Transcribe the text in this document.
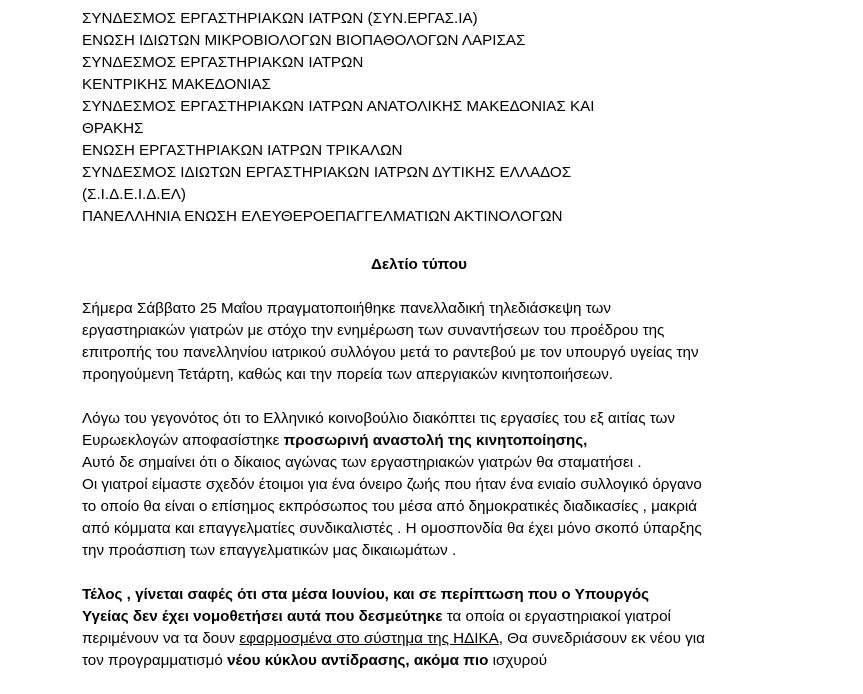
ΣΥΝΔΕΣΜΟΣ ΕΡΓΑΣΤΗΡΙΑΚΩΝ ΙΑΤΡΩΝ (ΣΥΝ.ΕΡΓΑΣ.ΙΑ)
ΕΝΩΣΗ ΙΔΙΩΤΩΝ ΜΙΚΡΟΒΙΟΛΟΓΩΝ ΒΙΟΠΑΘΟΛΟΓΩΝ ΛΑΡΙΣΑΣ
ΣΥΝΔΕΣΜΟΣ ΕΡΓΑΣΤΗΡΙΑΚΩΝ ΙΑΤΡΩΝ
ΚΕΝΤΡΙΚΗΣ ΜΑΚΕΔΟΝΙΑΣ
ΣΥΝΔΕΣΜΟΣ ΕΡΓΑΣΤΗΡΙΑΚΩΝ ΙΑΤΡΩΝ ΑΝΑΤΟΛΙΚΗΣ ΜΑΚΕΔΟΝΙΑΣ ΚΑΙ
ΘΡΑΚΗΣ
ΕΝΩΣΗ ΕΡΓΑΣΤΗΡΙΑΚΩΝ ΙΑΤΡΩΝ ΤΡΙΚΑΛΩΝ
ΣΥΝΔΕΣΜΟΣ ΙΔΙΩΤΩΝ ΕΡΓΑΣΤΗΡΙΑΚΩΝ ΙΑΤΡΩΝ ΔΥΤΙΚΗΣ ΕΛΛΑΔΟΣ
(Σ.Ι.Δ.Ε.Ι.Δ.ΕΛ)
ΠΑΝΕΛΛΗΝΙΑ ΕΝΩΣΗ ΕΛΕΥΘΕΡΟΕΠΑΓΓΕΛΜΑΤΙΩΝ ΑΚΤΙΝΟΛΟΓΩΝ
Δελτίο τύπου
Σήμερα Σάββατο 25 Μαΐου πραγματοποιήθηκε πανελλαδική τηλεδιάσκεψη των
εργαστηριακών γιατρών με στόχο την ενημέρωση των συναντήσεων του προέδρου της
επιτροπής του πανελληνίου ιατρικού συλλόγου μετά το ραντεβού με τον υπουργό υγείας την
προηγούμενη Τετάρτη, καθώς και την πορεία των απεργιακών κινητοποιήσεων.
Λόγω του γεγονότος ότι το Ελληνικό κοινοβούλιο διακόπτει τις εργασίες του εξ αιτίας των
Ευρωεκλογών αποφασίστηκε προσωρινή αναστολή της κινητοποίησης,
Αυτό δε σημαίνει ότι ο δίκαιος αγώνας των εργαστηριακών γιατρών θα σταματήσει .
Οι γιατροί είμαστε σχεδόν έτοιμοι για ένα όνειρο ζωής που ήταν ένα ενιαίο συλλογικό όργανο
το οποίο θα είναι ο επίσημος εκπρόσωπος του μέσα από δημοκρατικές διαδικασίες , μακριά
από κόμματα και επαγγελματίες συνδικαλιστές . Η ομοσπονδία θα έχει μόνο σκοπό ύπαρξης
την προάσπιση των επαγγελματικών μας δικαιωμάτων .
Τέλος , γίνεται σαφές ότι στα μέσα Ιουνίου, και σε περίπτωση που ο Υπουργός
Υγείας δεν έχει νομοθετήσει αυτά που δεσμεύτηκε τα οποία οι εργαστηριακοί γιατροί
περιμένουν να τα δουν εφαρμοσμένα στο σύστημα της ΗΔΙΚΑ, Θα συνεδριάσουν εκ νέου για
τον προγραμματισμό νέου κύκλου αντίδρασης, ακόμα πιο ισχυρού
